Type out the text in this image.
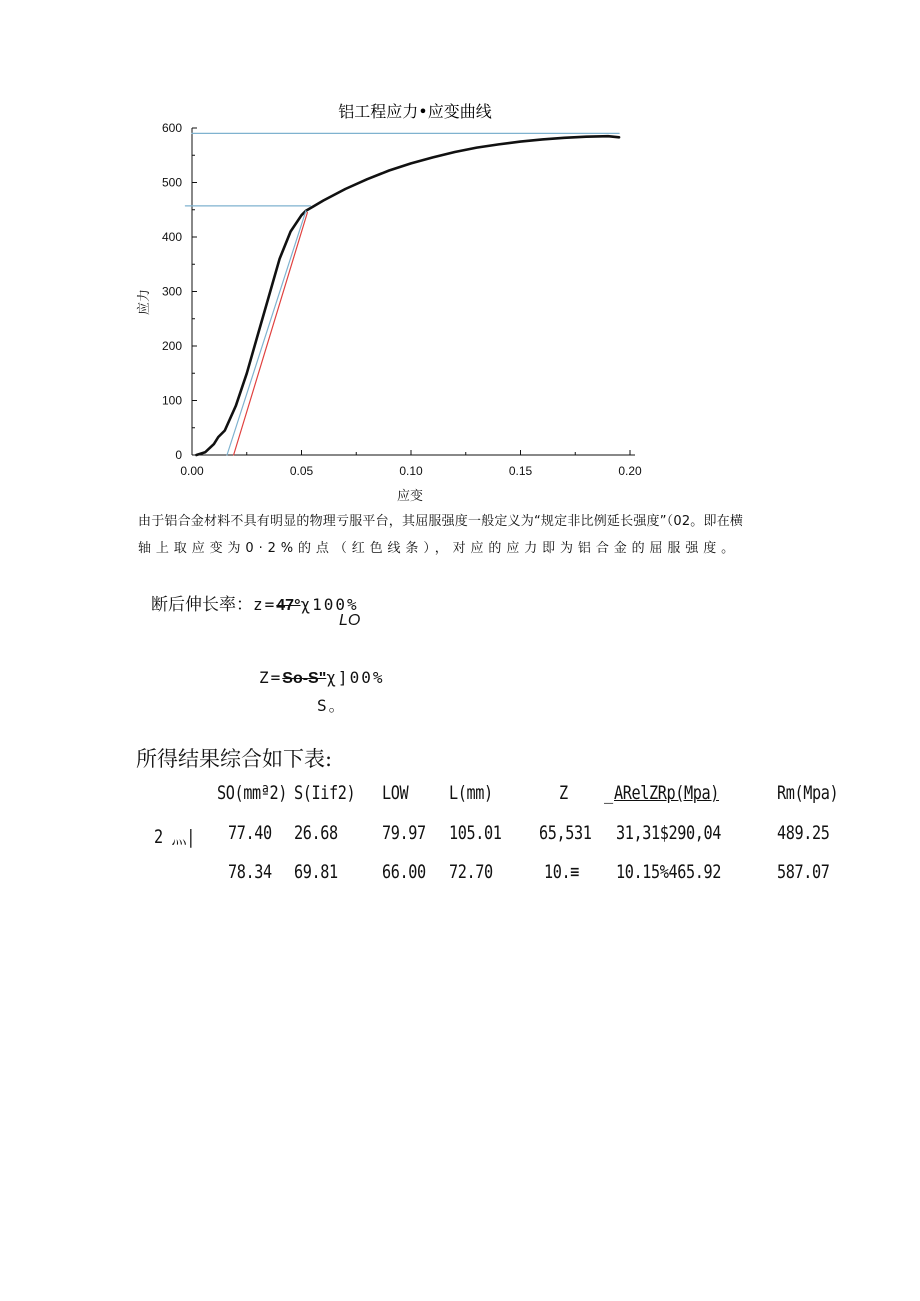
铝工程应力•应变曲线
0.00	0.05	0.10	0.15	0.20
0
100
200
300
400
500
600
应变
应力
由于铝合金材料不具有明显的物理亏服平台，其屈服强度一般定义为“规定非比例延长强度”（02。即在横
轴上取应变为0·2%的点（红色线条），对应的应力即为铝合金的屈服强度。
断后伸长率：z=47°χ100%
LO
Z=So-S"χ]00%
S。
所得结果综合如下表:
SO(mmª2) S(Iif2) LOW L(mm)	Z _ ARelZRp(Mpa)	Rm(Mpa)
2 灬| 77.40 26.68 79.97 105.01 65,531 31,31$290,04	489.25
78.34 69.81 66.00 72.70	10.≡ 10.15%465.92	587.07
